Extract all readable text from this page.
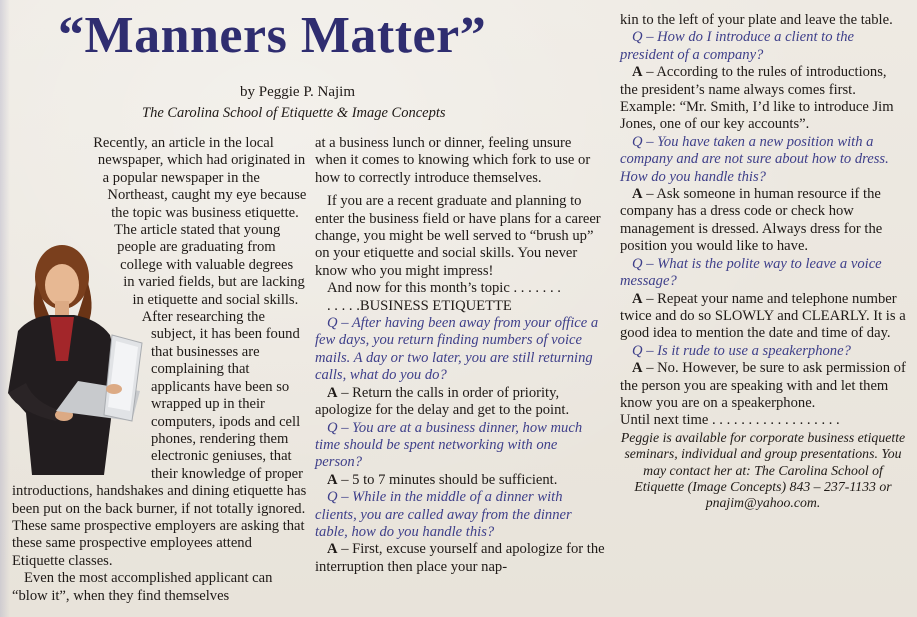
“Manners Matter”
by Peggie P. Najim
The Carolina School of Etiquette & Image Concepts

Recently, an article in the local newspaper, which had originated in a popular newspaper in the Northeast, caught my eye because the topic was business etiquette. The article stated that young people are graduating from college with valuable degrees in varied fields, but are lacking in etiquette and social skills. After researching the subject, it has been found that businesses are complaining that applicants have been so wrapped up in their computers, ipods and cell phones, rendering them electronic geniuses, that their knowledge of proper introductions, handshakes and dining etiquette has been put on the back burner, if not totally ignored. These same prospective employers are asking that these same prospective employees attend Etiquette classes.

Even the most accomplished applicant can “blow it”, when they find themselves

at a business lunch or dinner, feeling unsure when it comes to knowing which fork to use or how to correctly introduce themselves.

If you are a recent graduate and planning to enter the business field or have plans for a career change, you might be well served to “brush up” on your etiquette and social skills. You never know who you might impress!

And now for this month’s topic . . . . . . .

. . . . .BUSINESS ETIQUETTE

Q – After having been away from your office a few days, you return finding numbers of voice mails. A day or two later, you are still returning calls, what do you do?

A – Return the calls in order of priority, apologize for the delay and get to the point.

Q – You are at a business dinner, how much time should be spent networking with one person?

A – 5 to 7 minutes should be sufficient.

Q – While in the middle of a dinner with clients, you are called away from the dinner table, how do you handle this?

A – First, excuse yourself and apologize for the interruption then place your nap-

kin to the left of your plate and leave the table.

Q – How do I introduce a client to the president of a company?

A – According to the rules of introductions, the president’s name always comes first. Example: “Mr. Smith, I’d like to introduce Jim Jones, one of our key accounts”.

Q – You have taken a new position with a company and are not sure about how to dress. How do you handle this?

A – Ask someone in human resource if the company has a dress code or check how management is dressed. Always dress for the position you would like to have.

Q – What is the polite way to leave a voice message?

A – Repeat your name and telephone number twice and do so SLOWLY and CLEARLY. It is a good idea to mention the date and time of day.

Q – Is it rude to use a speakerphone?

A – No. However, be sure to ask permission of the person you are speaking with and let them know you are on a speakerphone.

Until next time . . . . . . . . . . . . . . . . . .

Peggie is available for corporate business etiquette seminars, individual and group presentations. You may contact her at: The Carolina School of Etiquette (Image Concepts) 843 – 237-1133 or pnajim@yahoo.com.
